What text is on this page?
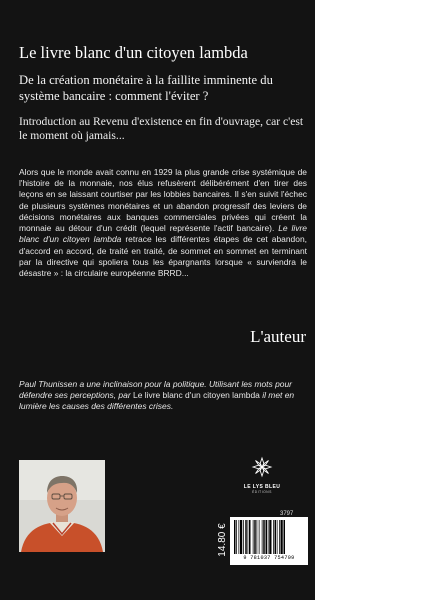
Le livre blanc d'un citoyen lambda
De la création monétaire à la faillite imminente du système bancaire : comment l'éviter ?
Introduction au Revenu d'existence en fin d'ouvrage, car c'est le moment où jamais...

Alors que le monde avait connu en 1929 la plus grande crise systémique de l'histoire de la monnaie, nos élus refusèrent délibérément d'en tirer des leçons en se laissant courtiser par les lobbies bancaires. Il s'en suivit l'échec de plusieurs systèmes monétaires et un abandon progressif des leviers de décisions monétaires aux banques commerciales privées qui créent la monnaie au détour d'un crédit (lequel représente l'actif bancaire). Le livre blanc d'un citoyen lambda retrace les différentes étapes de cet abandon, d'accord en accord, de traité en traité, de sommet en sommet en terminant par la directive qui spoliera tous les épargnants lorsque « surviendra le désastre » : la circulaire européenne BRRD...

L'auteur

Paul Thunissen a une inclinaison pour la politique. Utilisant les mots pour défendre ses perceptions, par Le livre blanc d'un citoyen lambda il met en lumière les causes des différentes crises.

LE LYS BLEU
ÉDITIONS
3797
14.80 €
9 781037 754709
